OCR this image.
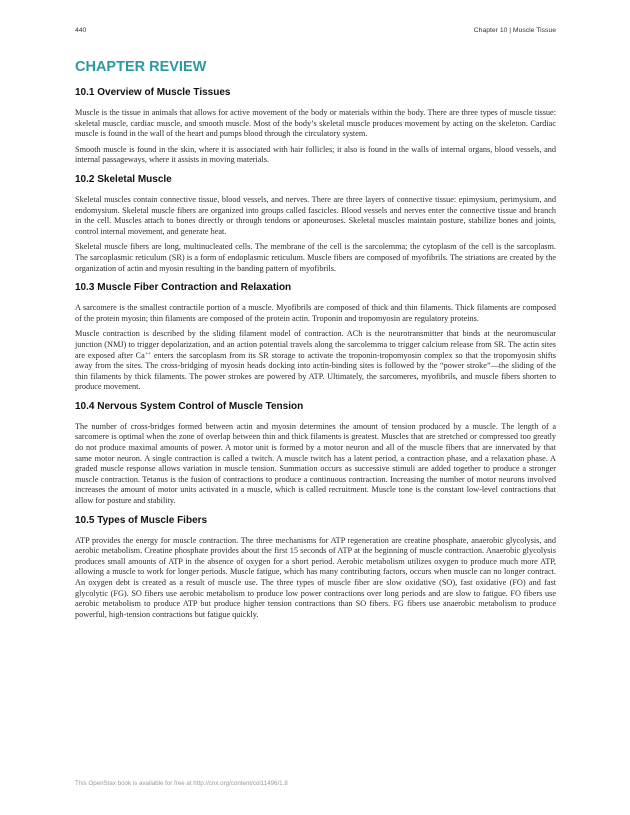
440	Chapter 10 | Muscle Tissue
CHAPTER REVIEW
10.1 Overview of Muscle Tissues

Muscle is the tissue in animals that allows for active movement of the body or materials within the body. There are three types of muscle tissue: skeletal muscle, cardiac muscle, and smooth muscle. Most of the body’s skeletal muscle produces movement by acting on the skeleton. Cardiac muscle is found in the wall of the heart and pumps blood through the circulatory system.

Smooth muscle is found in the skin, where it is associated with hair follicles; it also is found in the walls of internal organs, blood vessels, and internal passageways, where it assists in moving materials.

10.2 Skeletal Muscle

Skeletal muscles contain connective tissue, blood vessels, and nerves. There are three layers of connective tissue: epimysium, perimysium, and endomysium. Skeletal muscle fibers are organized into groups called fascicles. Blood vessels and nerves enter the connective tissue and branch in the cell. Muscles attach to bones directly or through tendons or aponeuroses. Skeletal muscles maintain posture, stabilize bones and joints, control internal movement, and generate heat.

Skeletal muscle fibers are long, multinucleated cells. The membrane of the cell is the sarcolemma; the cytoplasm of the cell is the sarcoplasm. The sarcoplasmic reticulum (SR) is a form of endoplasmic reticulum. Muscle fibers are composed of myofibrils. The striations are created by the organization of actin and myosin resulting in the banding pattern of myofibrils.

10.3 Muscle Fiber Contraction and Relaxation

A sarcomere is the smallest contractile portion of a muscle. Myofibrils are composed of thick and thin filaments. Thick filaments are composed of the protein myosin; thin filaments are composed of the protein actin. Troponin and tropomyosin are regulatory proteins.

Muscle contraction is described by the sliding filament model of contraction. ACh is the neurotransmitter that binds at the neuromuscular junction (NMJ) to trigger depolarization, and an action potential travels along the sarcolemma to trigger calcium release from SR. The actin sites are exposed after Ca++ enters the sarcoplasm from its SR storage to activate the troponin-tropomyosin complex so that the tropomyosin shifts away from the sites. The cross-bridging of myosin heads docking into actin-binding sites is followed by the “power stroke”—the sliding of the thin filaments by thick filaments. The power strokes are powered by ATP. Ultimately, the sarcomeres, myofibrils, and muscle fibers shorten to produce movement.

10.4 Nervous System Control of Muscle Tension

The number of cross-bridges formed between actin and myosin determines the amount of tension produced by a muscle. The length of a sarcomere is optimal when the zone of overlap between thin and thick filaments is greatest. Muscles that are stretched or compressed too greatly do not produce maximal amounts of power. A motor unit is formed by a motor neuron and all of the muscle fibers that are innervated by that same motor neuron. A single contraction is called a twitch. A muscle twitch has a latent period, a contraction phase, and a relaxation phase. A graded muscle response allows variation in muscle tension. Summation occurs as successive stimuli are added together to produce a stronger muscle contraction. Tetanus is the fusion of contractions to produce a continuous contraction. Increasing the number of motor neurons involved increases the amount of motor units activated in a muscle, which is called recruitment. Muscle tone is the constant low-level contractions that allow for posture and stability.

10.5 Types of Muscle Fibers

ATP provides the energy for muscle contraction. The three mechanisms for ATP regeneration are creatine phosphate, anaerobic glycolysis, and aerobic metabolism. Creatine phosphate provides about the first 15 seconds of ATP at the beginning of muscle contraction. Anaerobic glycolysis produces small amounts of ATP in the absence of oxygen for a short period. Aerobic metabolism utilizes oxygen to produce much more ATP, allowing a muscle to work for longer periods. Muscle fatigue, which has many contributing factors, occurs when muscle can no longer contract. An oxygen debt is created as a result of muscle use. The three types of muscle fiber are slow oxidative (SO), fast oxidative (FO) and fast glycolytic (FG). SO fibers use aerobic metabolism to produce low power contractions over long periods and are slow to fatigue. FO fibers use aerobic metabolism to produce ATP but produce higher tension contractions than SO fibers. FG fibers use anaerobic metabolism to produce powerful, high-tension contractions but fatigue quickly.

This OpenStax book is available for free at http://cnx.org/content/col11496/1.8
